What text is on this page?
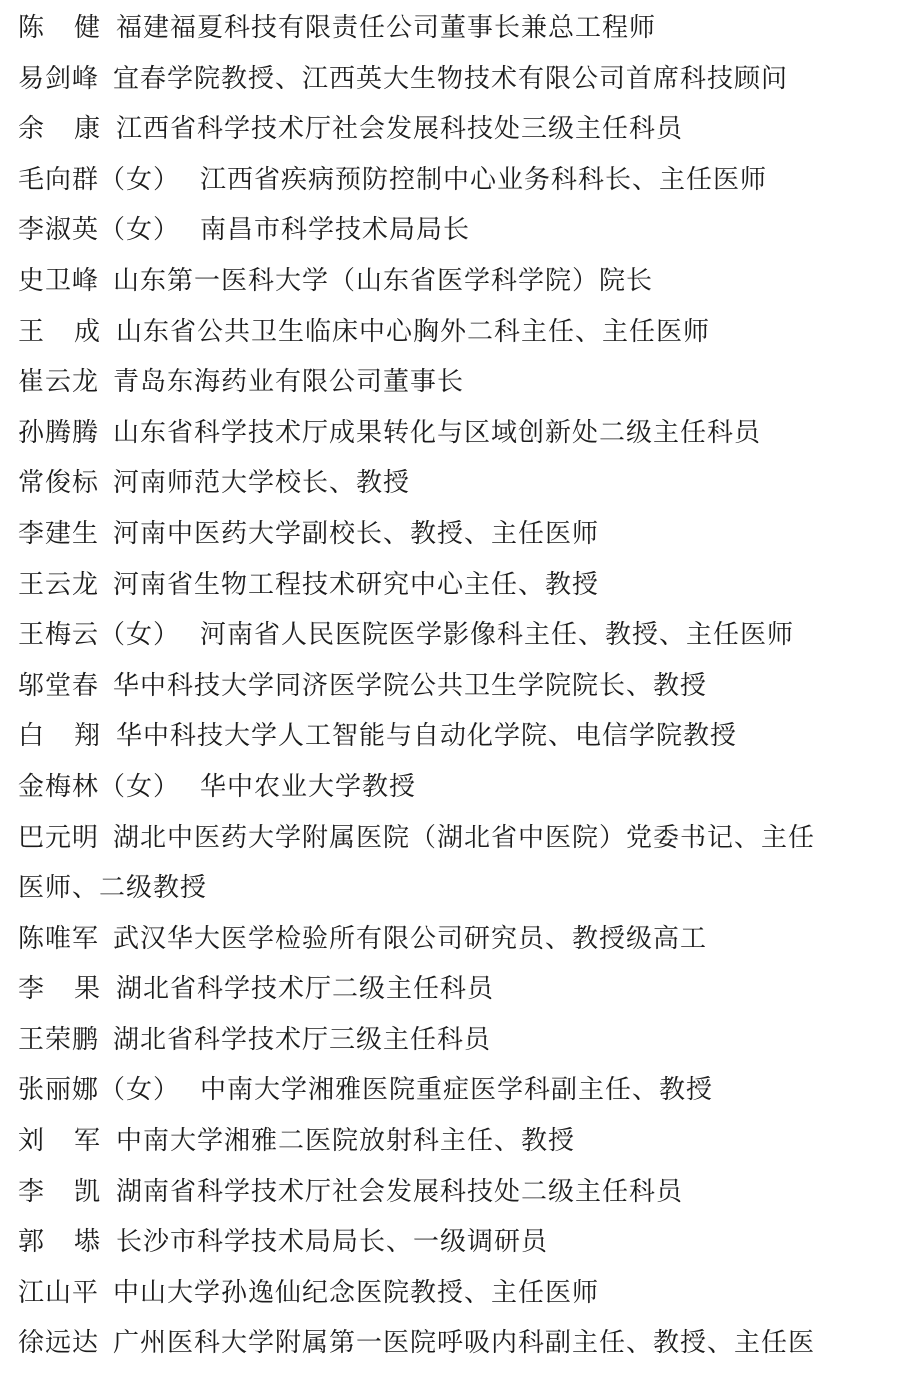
陈 健 福建福夏科技有限责任公司董事长兼总工程师
易剑峰 宜春学院教授、江西英大生物技术有限公司首席科技顾问
余 康 江西省科学技术厅社会发展科技处三级主任科员
毛向群（女） 江西省疾病预防控制中心业务科科长、主任医师
李淑英（女） 南昌市科学技术局局长
史卫峰 山东第一医科大学（山东省医学科学院）院长
王 成 山东省公共卫生临床中心胸外二科主任、主任医师
崔云龙 青岛东海药业有限公司董事长
孙腾腾 山东省科学技术厅成果转化与区域创新处二级主任科员
常俊标 河南师范大学校长、教授
李建生 河南中医药大学副校长、教授、主任医师
王云龙 河南省生物工程技术研究中心主任、教授
王梅云（女） 河南省人民医院医学影像科主任、教授、主任医师
邬堂春 华中科技大学同济医学院公共卫生学院院长、教授
白 翔 华中科技大学人工智能与自动化学院、电信学院教授
金梅林（女） 华中农业大学教授
巴元明 湖北中医药大学附属医院（湖北省中医院）党委书记、主任
医师、二级教授
陈唯军 武汉华大医学检验所有限公司研究员、教授级高工
李 果 湖北省科学技术厅二级主任科员
王荣鹏 湖北省科学技术厅三级主任科员
张丽娜（女） 中南大学湘雅医院重症医学科副主任、教授
刘 军 中南大学湘雅二医院放射科主任、教授
李 凯 湖南省科学技术厅社会发展科技处二级主任科员
郭 塨 长沙市科学技术局局长、一级调研员
江山平 中山大学孙逸仙纪念医院教授、主任医师
徐远达 广州医科大学附属第一医院呼吸内科副主任、教授、主任医
